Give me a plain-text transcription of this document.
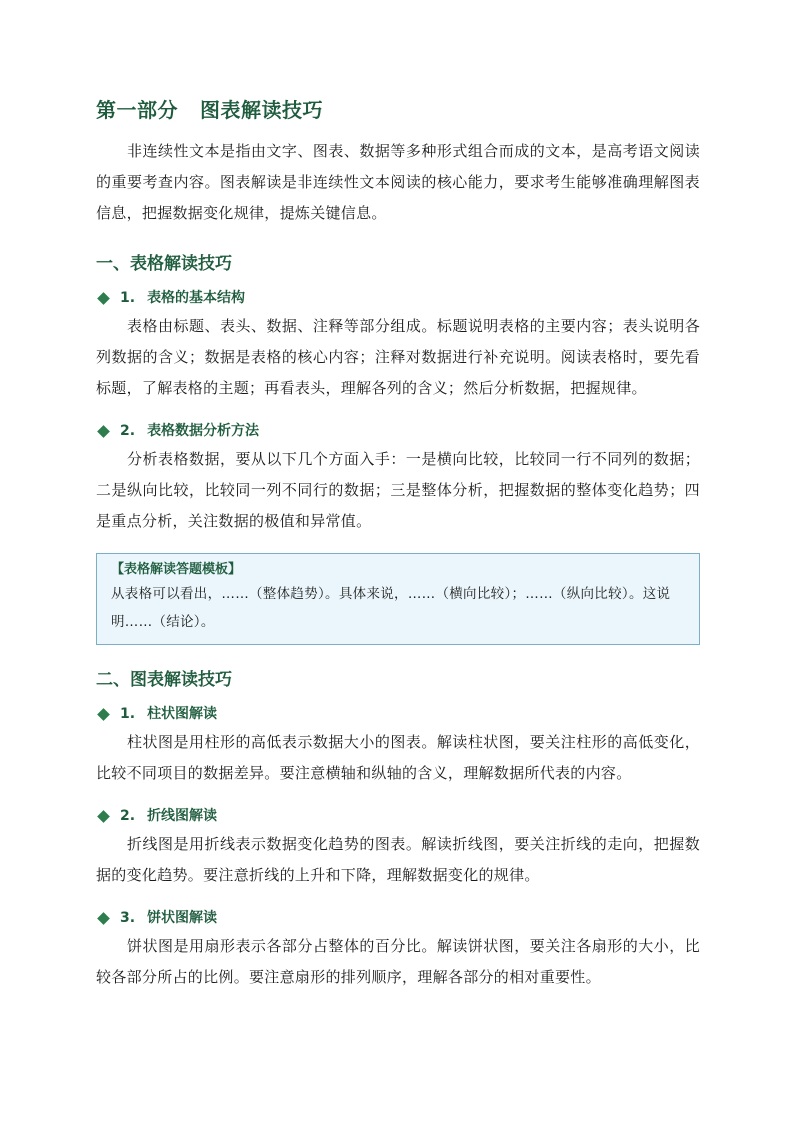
第一部分 图表解读技巧

非连续性文本是指由文字、图表、数据等多种形式组合而成的文本，是高考语文阅读的重要考查内容。图表解读是非连续性文本阅读的核心能力，要求考生能够准确理解图表信息，把握数据变化规律，提炼关键信息。

一、表格解读技巧
1. 表格的基本结构

表格由标题、表头、数据、注释等部分组成。标题说明表格的主要内容；表头说明各列数据的含义；数据是表格的核心内容；注释对数据进行补充说明。阅读表格时，要先看标题，了解表格的主题；再看表头，理解各列的含义；然后分析数据，把握规律。

2. 表格数据分析方法

分析表格数据，要从以下几个方面入手：一是横向比较，比较同一行不同列的数据；二是纵向比较，比较同一列不同行的数据；三是整体分析，把握数据的整体变化趋势；四是重点分析，关注数据的极值和异常值。

【表格解读答题模板】
从表格可以看出，……（整体趋势）。具体来说，……（横向比较）；……（纵向比较）。这说明……（结论）。
二、图表解读技巧
1. 柱状图解读

柱状图是用柱形的高低表示数据大小的图表。解读柱状图，要关注柱形的高低变化，比较不同项目的数据差异。要注意横轴和纵轴的含义，理解数据所代表的内容。

2. 折线图解读

折线图是用折线表示数据变化趋势的图表。解读折线图，要关注折线的走向，把握数据的变化趋势。要注意折线的上升和下降，理解数据变化的规律。

3. 饼状图解读

饼状图是用扇形表示各部分占整体的百分比。解读饼状图，要关注各扇形的大小，比较各部分所占的比例。要注意扇形的排列顺序，理解各部分的相对重要性。
